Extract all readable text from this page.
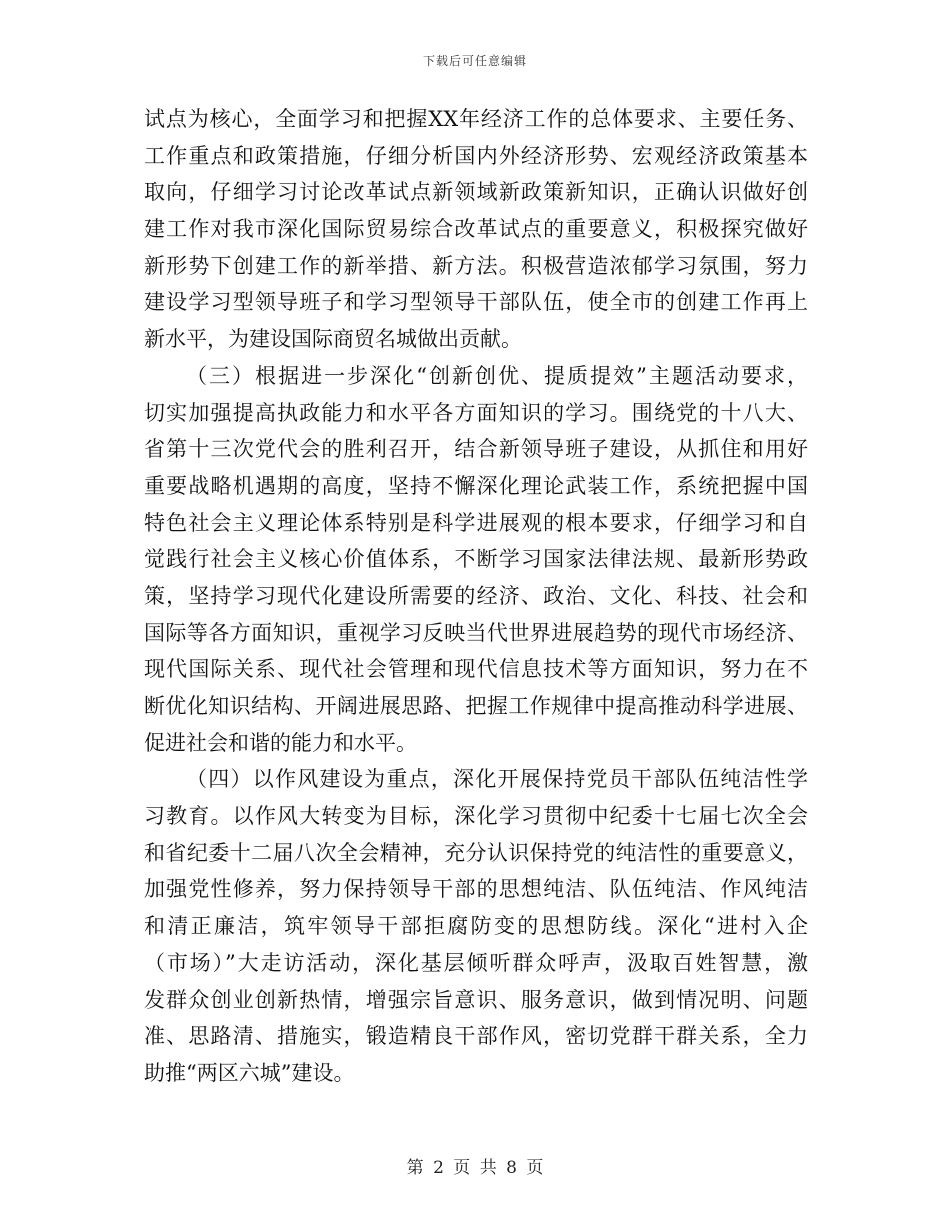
下载后可任意编辑
试点为核心，全面学习和把握XX年经济工作的总体要求、主要任务、
工作重点和政策措施，仔细分析国内外经济形势、宏观经济政策基本
取向，仔细学习讨论改革试点新领域新政策新知识，正确认识做好创
建工作对我市深化国际贸易综合改革试点的重要意义，积极探究做好
新形势下创建工作的新举措、新方法。积极营造浓郁学习氛围，努力
建设学习型领导班子和学习型领导干部队伍，使全市的创建工作再上
新水平，为建设国际商贸名城做出贡献。
（三）根据进一步深化“创新创优、提质提效”主题活动要求，
切实加强提高执政能力和水平各方面知识的学习。围绕党的十八大、
省第十三次党代会的胜利召开，结合新领导班子建设，从抓住和用好
重要战略机遇期的高度，坚持不懈深化理论武装工作，系统把握中国
特色社会主义理论体系特别是科学进展观的根本要求，仔细学习和自
觉践行社会主义核心价值体系，不断学习国家法律法规、最新形势政
策，坚持学习现代化建设所需要的经济、政治、文化、科技、社会和
国际等各方面知识，重视学习反映当代世界进展趋势的现代市场经济、
现代国际关系、现代社会管理和现代信息技术等方面知识，努力在不
断优化知识结构、开阔进展思路、把握工作规律中提高推动科学进展、
促进社会和谐的能力和水平。
（四）以作风建设为重点，深化开展保持党员干部队伍纯洁性学
习教育。以作风大转变为目标，深化学习贯彻中纪委十七届七次全会
和省纪委十二届八次全会精神，充分认识保持党的纯洁性的重要意义，
加强党性修养，努力保持领导干部的思想纯洁、队伍纯洁、作风纯洁
和清正廉洁，筑牢领导干部拒腐防变的思想防线。深化“进村入企
（市场）”大走访活动，深化基层倾听群众呼声，汲取百姓智慧，激
发群众创业创新热情，增强宗旨意识、服务意识，做到情况明、问题
准、思路清、措施实，锻造精良干部作风，密切党群干群关系，全力
助推“两区六城”建设。
第 2 页 共 8 页
